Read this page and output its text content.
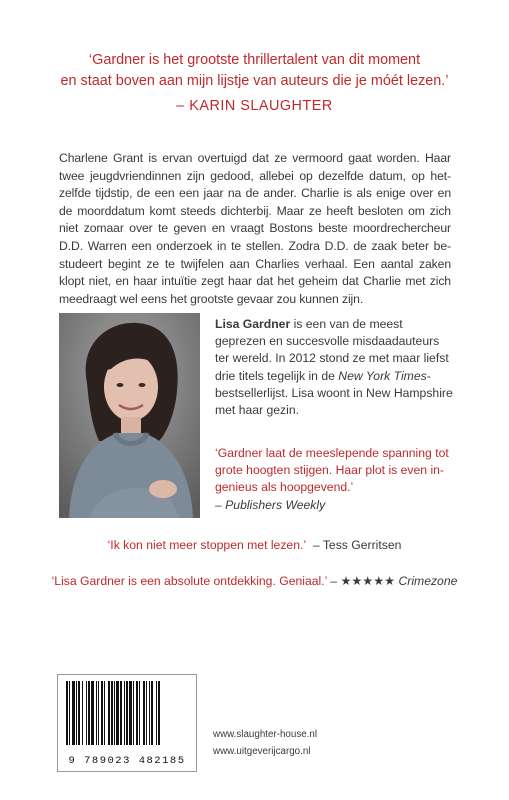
‘Gardner is het grootste thrillertalent van dit moment
en staat boven aan mijn lijstje van auteurs die je móét lezen.’
– KARIN SLAUGHTER
Charlene Grant is ervan overtuigd dat ze vermoord gaat worden. Haar twee jeugdvriendinnen zijn gedood, allebei op dezelfde datum, op het-zelfde tijdstip, de een een jaar na de ander. Charlie is als enige over en de moorddatum komt steeds dichterbij. Maar ze heeft besloten om zich niet zomaar over te geven en vraagt Bostons beste moordrechercheur D.D. Warren een onderzoek in te stellen. Zodra D.D. de zaak beter be-studeert begint ze te twijfelen aan Charlies verhaal. Een aantal zaken klopt niet, en haar intuïtie zegt haar dat het geheim dat Charlie met zich meedraagt wel eens het grootste gevaar zou kunnen zijn.
Lisa Gardner is een van de meest geprezen en succesvolle misdaadauteurs ter wereld. In 2012 stond ze met maar liefst drie titels tegelijk in de New York Times-bestsellerlijst. Lisa woont in New Hampshire met haar gezin.
‘Gardner laat de meeslepende spanning tot grote hoogten stijgen. Haar plot is even in-genieus als hoopgevend.’
– Publishers Weekly
‘Ik kon niet meer stoppen met lezen.’ – Tess Gerritsen
‘Lisa Gardner is een absolute ontdekking. Geniaal.’ – ★★★★★ Crimezone
9 789023 482185
www.slaughter-house.nl
www.uitgeverijcargo.nl
